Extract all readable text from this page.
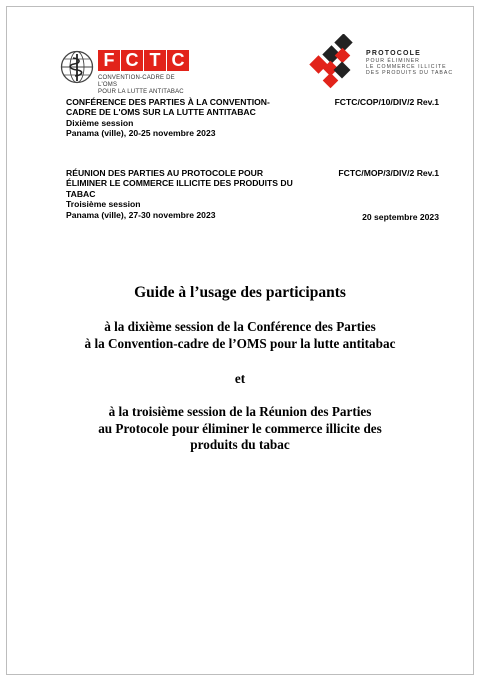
F C T C
CONVENTION-CADRE DE L'OMS
POUR LA LUTTE ANTITABAC
PROTOCOLE
POUR ÉLIMINER
LE COMMERCE ILLICITE
DES PRODUITS DU TABAC
CONFÉRENCE DES PARTIES À LA CONVENTION-
CADRE DE L'OMS SUR LA LUTTE ANTITABAC
Dixième session
Panama (ville), 20-25 novembre 2023
FCTC/COP/10/DIV/2 Rev.1
RÉUNION DES PARTIES AU PROTOCOLE POUR
ÉLIMINER LE COMMERCE ILLICITE DES PRODUITS DU
TABAC
Troisième session
Panama (ville), 27-30 novembre 2023
FCTC/MOP/3/DIV/2 Rev.1
20 septembre 2023
Guide à l’usage des participants
à la dixième session de la Conférence des Parties
à la Convention-cadre de l’OMS pour la lutte antitabac
et
à la troisième session de la Réunion des Parties
au Protocole pour éliminer le commerce illicite des
produits du tabac
